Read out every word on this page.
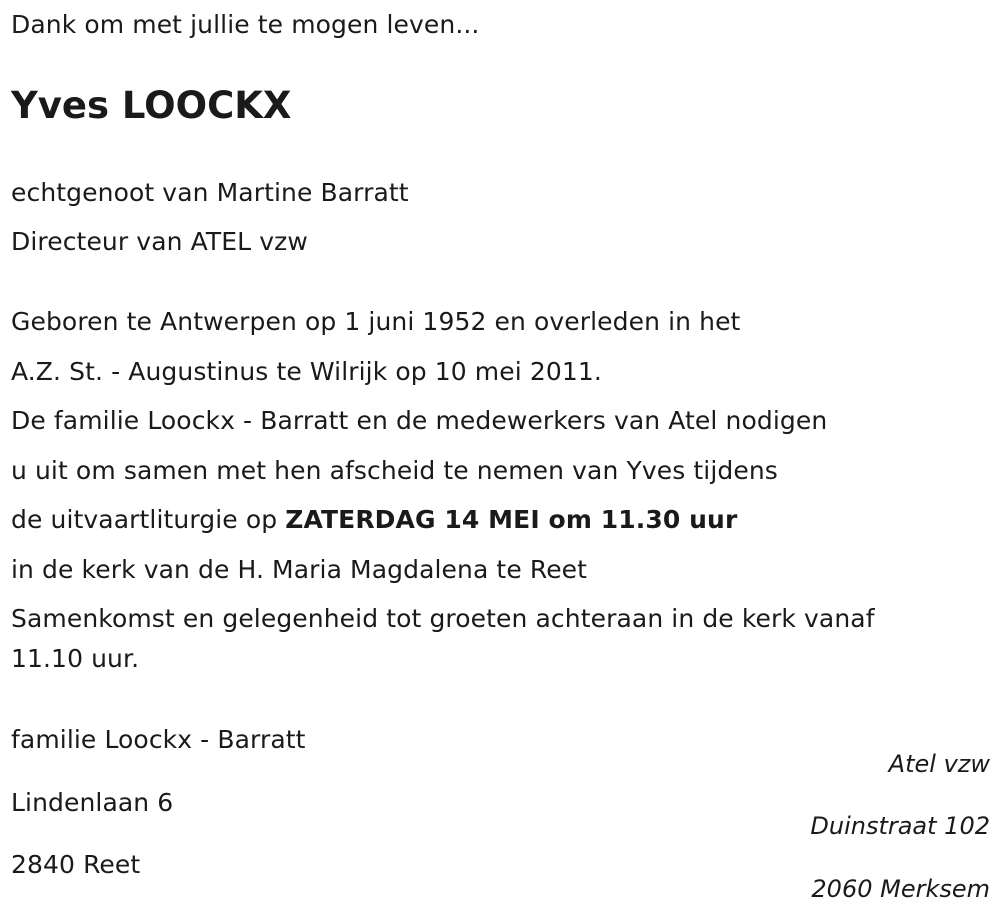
Dank om met jullie te mogen leven...
Yves LOOCKX
echtgenoot van Martine Barratt
Directeur van ATEL vzw
Geboren te Antwerpen op 1 juni 1952 en overleden in het
A.Z. St. - Augustinus te Wilrijk op 10 mei 2011.
De familie Loockx - Barratt en de medewerkers van Atel nodigen
u uit om samen met hen afscheid te nemen van Yves tijdens
de uitvaartliturgie op ZATERDAG 14 MEI om 11.30 uur
in de kerk van de H. Maria Magdalena te Reet
Samenkomst en gelegenheid tot groeten achteraan in de kerk vanaf
11.10 uur.
familie Loockx - Barratt
Lindenlaan 6
2840 Reet
Atel vzw
Duinstraat 102
2060 Merksem
